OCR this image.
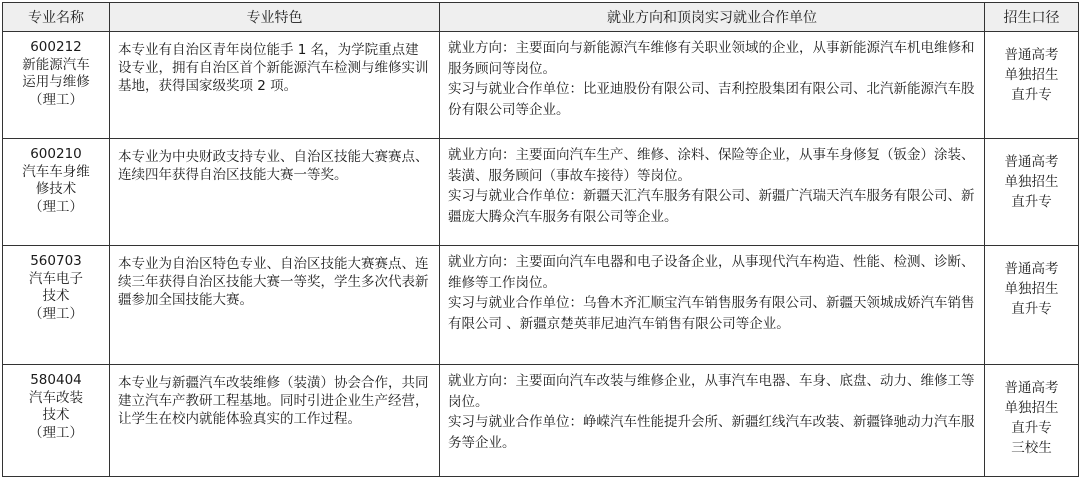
专业名称	专业特色	就业方向和顶岗实习就业合作单位	招生口径

600212
新能源汽车
运用与维修
（理工）	本专业有自治区青年岗位能手 1 名，为学院重点建设专业，拥有自治区首个新能源汽车检测与维修实训基地，获得国家级奖项 2 项。	就业方向：主要面向与新能源汽车维修有关职业领域的企业，从事新能源汽车机电维修和服务顾问等岗位。
实习与就业合作单位：比亚迪股份有限公司、吉利控股集团有限公司、北汽新能源汽车股份有限公司等企业。	普通高考
单独招生
直升专

600210
汽车车身维
修技术
（理工）	本专业为中央财政支持专业、自治区技能大赛赛点、连续四年获得自治区技能大赛一等奖。	就业方向：主要面向汽车生产、维修、涂料、保险等企业，从事车身修复（钣金）涂装、装潢、服务顾问（事故车接待）等岗位。
实习与就业合作单位：新疆天汇汽车服务有限公司、新疆广汽瑞天汽车服务有限公司、新疆庞大腾众汽车服务有限公司等企业。	普通高考
单独招生
直升专

560703
汽车电子
技术
（理工）	本专业为自治区特色专业、自治区技能大赛赛点、连续三年获得自治区技能大赛一等奖，学生多次代表新疆参加全国技能大赛。	就业方向：主要面向汽车电器和电子设备企业，从事现代汽车构造、性能、检测、诊断、维修等工作岗位。
实习与就业合作单位：乌鲁木齐汇顺宝汽车销售服务有限公司、新疆天领城成娇汽车销售有限公司 、新疆京楚英菲尼迪汽车销售有限公司等企业。	普通高考
单独招生
直升专

580404
汽车改装
技术
（理工）	本专业与新疆汽车改装维修（装潢）协会合作，共同建立汽车产教研工程基地。同时引进企业生产经营，让学生在校内就能体验真实的工作过程。	就业方向：主要面向汽车改装与维修企业，从事汽车电器、车身、底盘、动力、维修工等岗位。
实习与就业合作单位：峥嵘汽车性能提升会所、新疆红线汽车改装、新疆锋驰动力汽车服务等企业。	普通高考
单独招生
直升专
三校生
